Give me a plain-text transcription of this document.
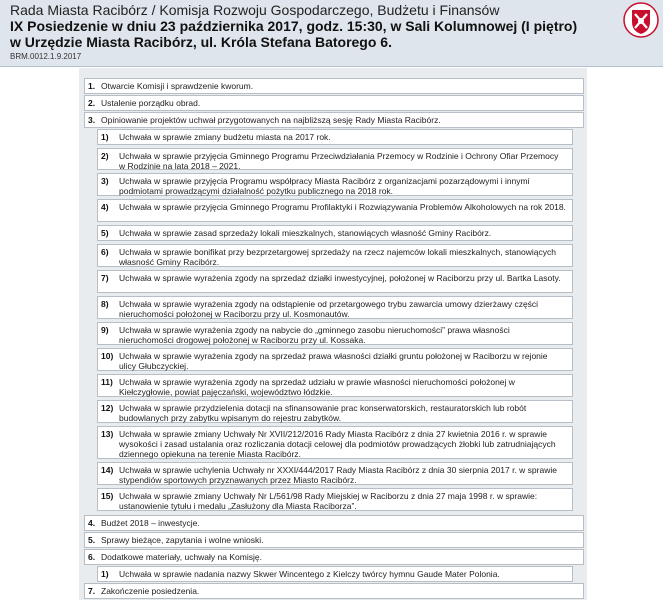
Rada Miasta Racibórz / Komisja Rozwoju Gospodarczego, Budżetu i Finansów
IX Posiedzenie w dniu 23 października 2017, godz. 15:30, w Sali Kolumnowej (I piętro)
w Urzędzie Miasta Racibórz, ul. Króla Stefana Batorego 6.
BRM.0012.1.9.2017
1. Otwarcie Komisji i sprawdzenie kworum.
2. Ustalenie porządku obrad.
3. Opiniowanie projektów uchwał przygotowanych na najbliższą sesję Rady Miasta Racibórz.
1) Uchwała w sprawie zmiany budżetu miasta na 2017 rok.
2) Uchwała w sprawie przyjęcia Gminnego Programu Przeciwdziałania Przemocy w Rodzinie i Ochrony Ofiar Przemocy w Rodzinie na lata 2018 – 2021.
3) Uchwała w sprawie przyjęcia Programu współpracy Miasta Racibórz z organizacjami pozarządowymi i innymi podmiotami prowadzącymi działalność pożytku publicznego na 2018 rok.
4) Uchwała w sprawie przyjęcia Gminnego Programu Profilaktyki i Rozwiązywania Problemów Alkoholowych na rok 2018.
5) Uchwała w sprawie zasad sprzedaży lokali mieszkalnych, stanowiących własność Gminy Racibórz.
6) Uchwała w sprawie bonifikat przy bezprzetargowej sprzedaży na rzecz najemców lokali mieszkalnych, stanowiących własność Gminy Racibórz.
7) Uchwała w sprawie wyrażenia zgody na sprzedaż działki inwestycyjnej, położonej w Raciborzu przy ul. Bartka Lasoty.
8) Uchwała w sprawie wyrażenia zgody na odstąpienie od przetargowego trybu zawarcia umowy dzierżawy części nieruchomości położonej w Raciborzu przy ul. Kosmonautów.
9) Uchwała w sprawie wyrażenia zgody na nabycie do „gminnego zasobu nieruchomości” prawa własności nieruchomości drogowej położonej w Raciborzu przy ul. Kossaka.
10) Uchwała w sprawie wyrażenia zgody na sprzedaż prawa własności działki gruntu położonej w Raciborzu w rejonie ulicy Głubczyckiej.
11) Uchwała w sprawie wyrażenia zgody na sprzedaż udziału w prawie własności nieruchomości położonej w Kiełczygłowie, powiat pajęczański, województwo łódzkie.
12) Uchwała w sprawie przydzielenia dotacji na sfinansowanie prac konserwatorskich, restauratorskich lub robót budowlanych przy zabytku wpisanym do rejestru zabytków.
13) Uchwała w sprawie zmiany Uchwały Nr XVII/212/2016 Rady Miasta Racibórz z dnia 27 kwietnia 2016 r. w sprawie wysokości i zasad ustalania oraz rozliczania dotacji celowej dla podmiotów prowadzących żłobki lub zatrudniających dziennego opiekuna na terenie Miasta Racibórz.
14) Uchwała w sprawie uchylenia Uchwały nr XXXI/444/2017 Rady Miasta Racibórz z dnia 30 sierpnia 2017 r. w sprawie stypendiów sportowych przyznawanych przez Miasto Racibórz.
15) Uchwała w sprawie zmiany Uchwały Nr L/561/98 Rady Miejskiej w Raciborzu z dnia 27 maja 1998 r. w sprawie: ustanowienie tytułu i medalu „Zasłużony dla Miasta Raciborza”.
4. Budżet 2018 – inwestycje.
5. Sprawy bieżące, zapytania i wolne wnioski.
6. Dodatkowe materiały, uchwały na Komisję.
1) Uchwała w sprawie nadania nazwy Skwer Wincentego z Kielczy twórcy hymnu Gaude Mater Polonia.
7. Zakończenie posiedzenia.
